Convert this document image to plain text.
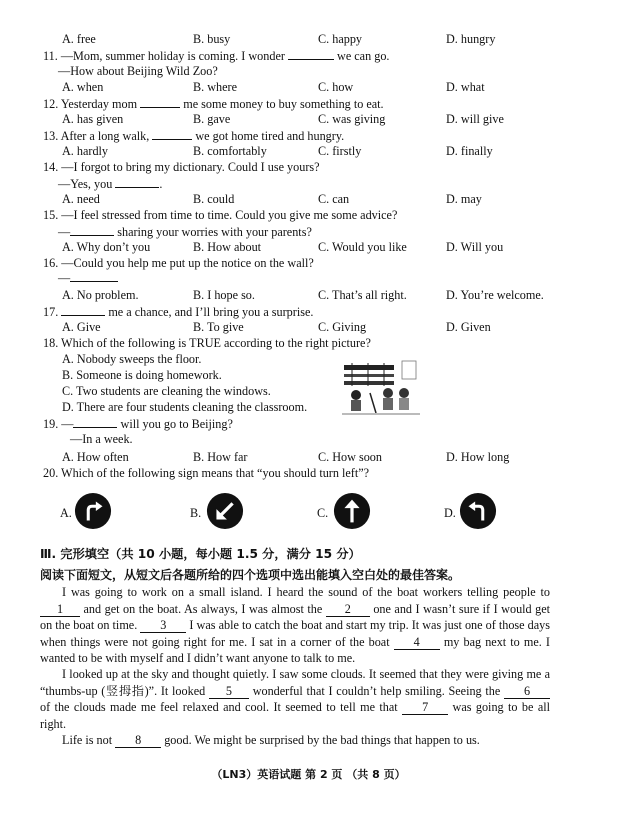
A. free	B. busy	C. happy	D. hungry
11. —Mom, summer holiday is coming. I wonder	we can go.
—How about Beijing Wild Zoo?
A. when	B. where	C. how	D. what
12. Yesterday mom	me some money to buy something to eat.
A. has given	B. gave	C. was giving	D. will give
13. After a long walk,	we got home tired and hungry.
A. hardly	B. comfortably	C. firstly	D. finally
14. —I forgot to bring my dictionary. Could I use yours?
—Yes, you	.
A. need	B. could	C. can	D. may
15. —I feel stressed from time to time. Could you give me some advice?
—	sharing your worries with your parents?
A. Why don’t you	B. How about	C. Would you like	D. Will you
16. —Could you help me put up the notice on the wall?
—
A. No problem.	B. I hope so.	C. That’s all right.	D. You’re welcome.
17.	me a chance, and I’ll bring you a surprise.
A. Give	B. To give	C. Giving	D. Given
18. Which of the following is TRUE according to the right picture?
A. Nobody sweeps the floor.
B. Someone is doing homework.
C. Two students are cleaning the windows.
D. There are four students cleaning the classroom.
19. —	will you go to Beijing?
—In a week.
A. How often	B. How far	C. How soon	D. How long
20. Which of the following sign means that “you should turn left”?
A.	B.	C.	D.
Ⅲ. 完形填空（共 10 小题，每小题 1.5 分，满分 15 分）
阅读下面短文，从短文后各题所给的四个选项中选出能填入空白处的最佳答案。
I was going to work on a small island. I heard the sound of the boat workers telling people to 1 and get on the boat. As always, I was almost the 2 one and I wasn’t sure if I would get on the boat on time. 3 I was able to catch the boat and start my trip. It was just one of those days when things were not going right for me. I sat in a corner of the boat 4 my bag next to me. I wanted to be with myself and I didn’t want anyone to talk to me.
I looked up at the sky and thought quietly. I saw some clouds. It seemed that they were giving me a “thumbs-up (竖拇指)”. It looked 5 wonderful that I couldn’t help smiling. Seeing the 6 of the clouds made me feel relaxed and cool. It seemed to tell me that 7 was going to be all right.
Life is not 8 good. We might be surprised by the bad things that happen to us.
（LN3）英语试题 第 2 页 （共 8 页）
